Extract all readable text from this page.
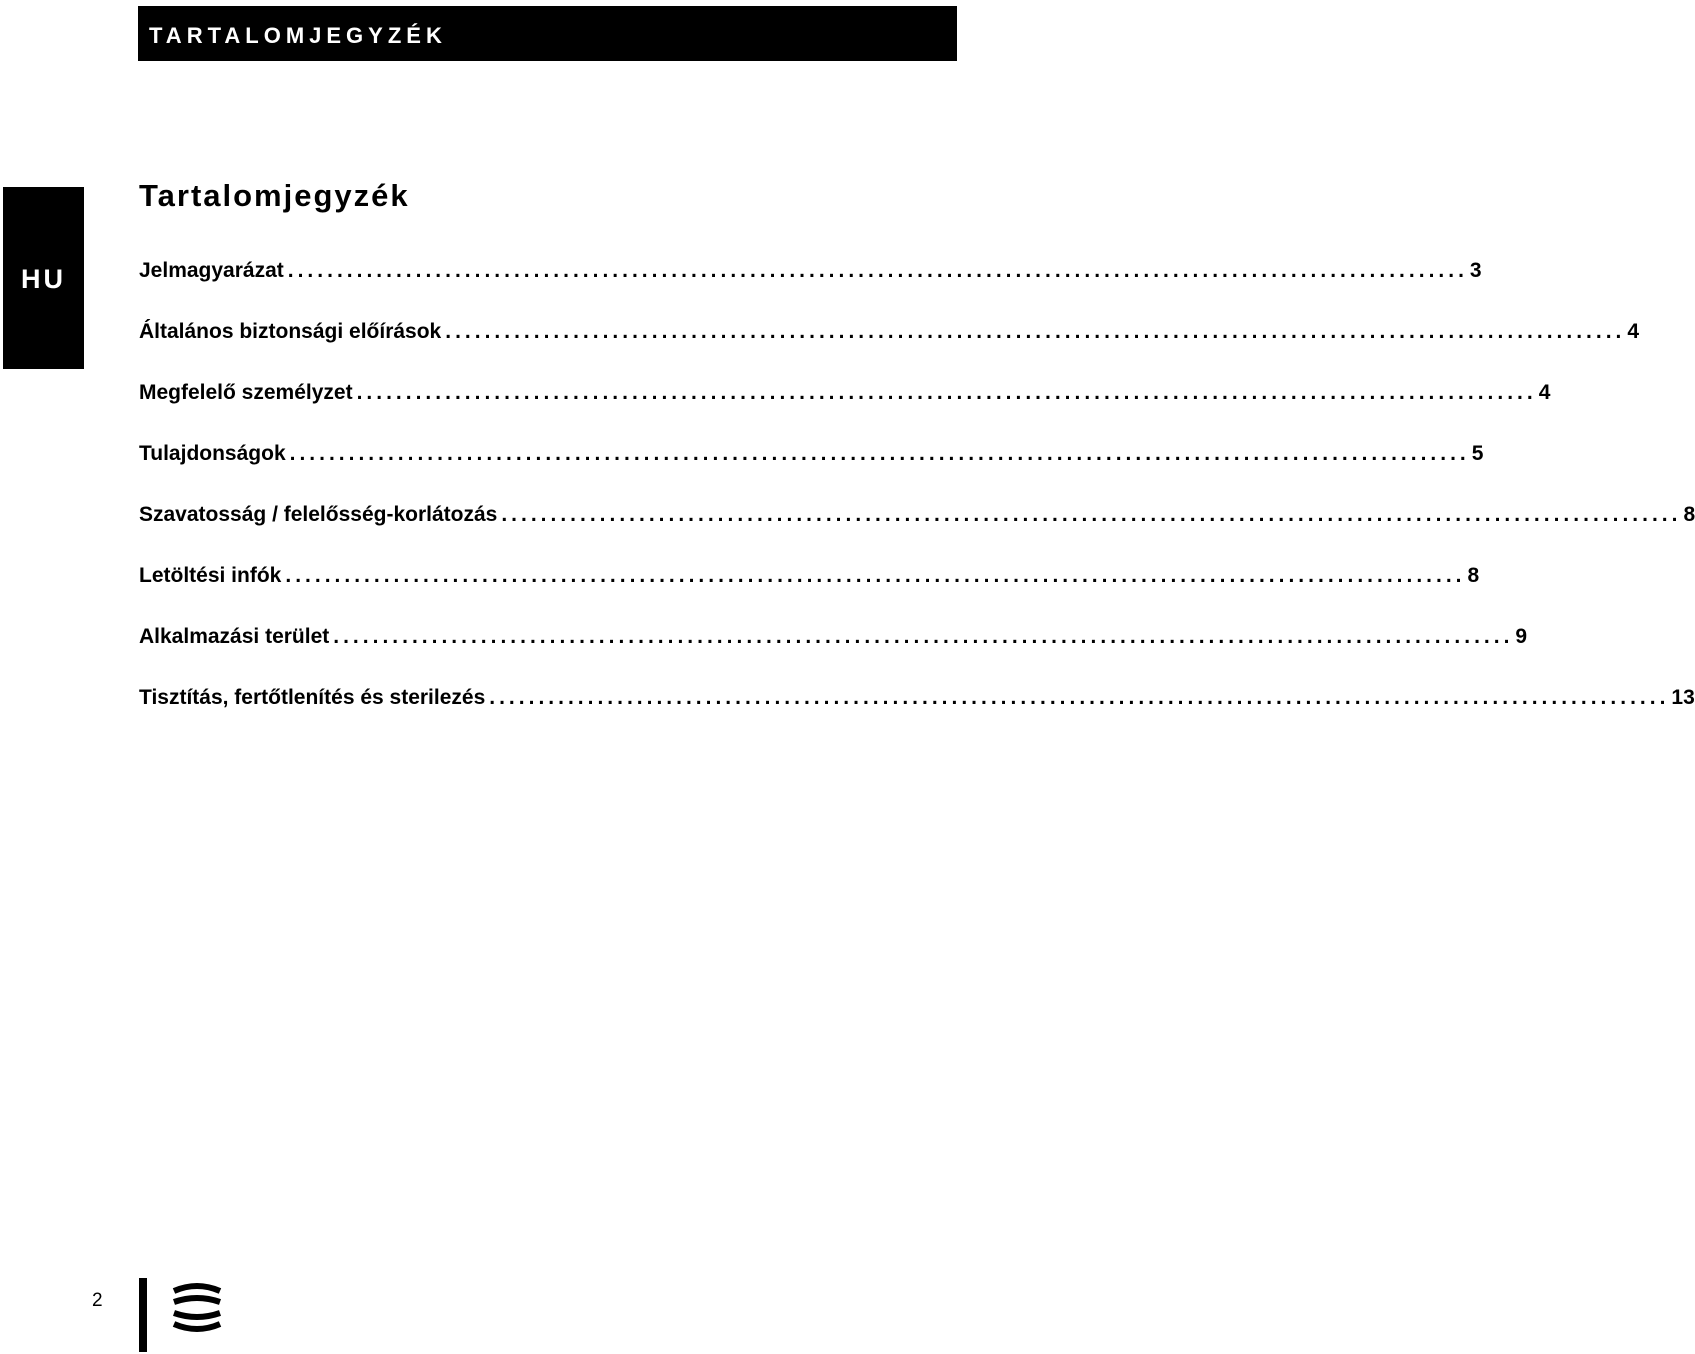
TARTALOMJEGYZÉK
HU
Tartalomjegyzék
Jelmagyarázat ........................................................................................................................ 3
Általános biztonsági előírások ........................................................................................................................ 4
Megfelelő személyzet ........................................................................................................................ 4
Tulajdonságok ........................................................................................................................ 5
Szavatosság / felelősség-korlátozás ........................................................................................................................ 8
Letöltési infók ........................................................................................................................ 8
Alkalmazási terület ........................................................................................................................ 9
Tisztítás, fertőtlenítés és sterilezés ........................................................................................................................ 13
2
